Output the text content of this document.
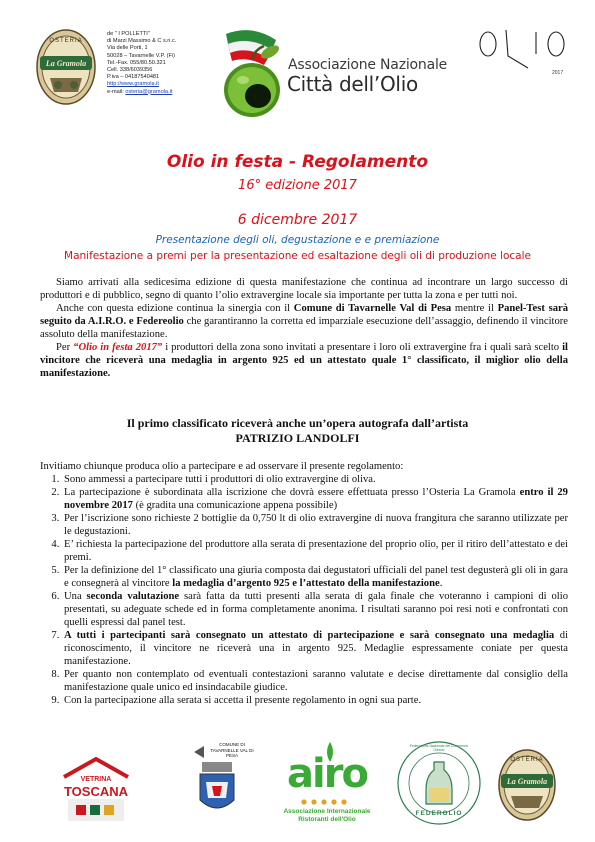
OSTERIA
La Gramola
de " I POLLETTI"
di Marzi Massimo & C s.n.c.
Via delle Porti, 1
50028 – Tavarnelle V.P. (Fi)
Tel.-Fax. 055/80.50.321
Cell. 338/6039356
P.iva – 04187540481
http://www.gramola.it
e-mail: osteria@gramola.it
Associazione Nazionale
Città dell’Olio	2017
Olio in festa - Regolamento
16° edizione 2017
6 dicembre 2017
Presentazione degli oli, degustazione e e premiazione
Manifestazione a premi per la presentazione ed esaltazione degli oli di produzione locale

Siamo arrivati alla sedicesima edizione di questa manifestazione che continua ad incontrare un largo successo di produttori e di pubblico, segno di quanto l’olio extravergine locale sia importante per tutta la zona e per tutti noi.

Anche con questa edizione continua la sinergia con il Comune di Tavarnelle Val di Pesa mentre il Panel-Test sarà seguito da A.I.R.O. e Federeolio che garantiranno la corretta ed imparziale esecuzione dell’assaggio, definendo il vincitore assoluto della manifestazione.

Per “Olio in festa 2017” i produttori della zona sono invitati a presentare i loro oli extravergine fra i quali sarà scelto il vincitore che riceverà una medaglia in argento 925 ed un attestato quale 1° classificato, il miglior olio della manifestazione.

Il primo classificato riceverà anche un’opera autografa dall’artista
PATRIZIO LANDOLFI
Invitiamo chiunque produca olio a partecipare e ad osservare il presente regolamento:
1. Sono ammessi a partecipare tutti i produttori di olio extravergine di oliva.
2. La partecipazione è subordinata alla iscrizione che dovrà essere effettuata presso l’Osteria La Gramola entro il 29 novembre 2017 (è gradita una comunicazione appena possibile)
3. Per l’iscrizione sono richieste 2 bottiglie da 0,750 lt di olio extravergine di nuova frangitura che saranno utilizzate per le degustazioni.
4. E’ richiesta la partecipazione del produttore alla serata di presentazione del proprio olio, per il ritiro dell’attestato e dei premi.
5. Per la definizione del 1° classificato una giuria composta dai degustatori ufficiali del panel test degusterà gli oli in gara e consegnerà al vincitore la medaglia d’argento 925 e l’attestato della manifestazione.
6. Una seconda valutazione sarà fatta da tutti presenti alla serata di gala finale che voteranno i campioni di olio presentati, su adeguate schede ed in forma completamente anonima. I risultati saranno poi resi noti e confrontati con quelli espressi dal panel test.
7. A tutti i partecipanti sarà consegnato un attestato di partecipazione e sarà consegnato una medaglia di riconoscimento, il vincitore ne riceverà una in argento 925. Medaglie espressamente coniate per questa manifestazione.
8. Per quanto non contemplato od eventuali contestazioni saranno valutate e decise direttamente dal consiglio della manifestazione quale unico ed insindacabile giudice.
9. Con la partecipazione alla serata si accetta il presente regolamento in ogni sua parte.
VETRINA
TOSCANA
COMUNE DI
TAVARNELLE VAL DI PESA	airo
Associazione Internazionale
Ristoranti dell'Olio
Federazione Nazionale del Commercio Oleario
FEDEROLIO
OSTERIA
La Gramola
